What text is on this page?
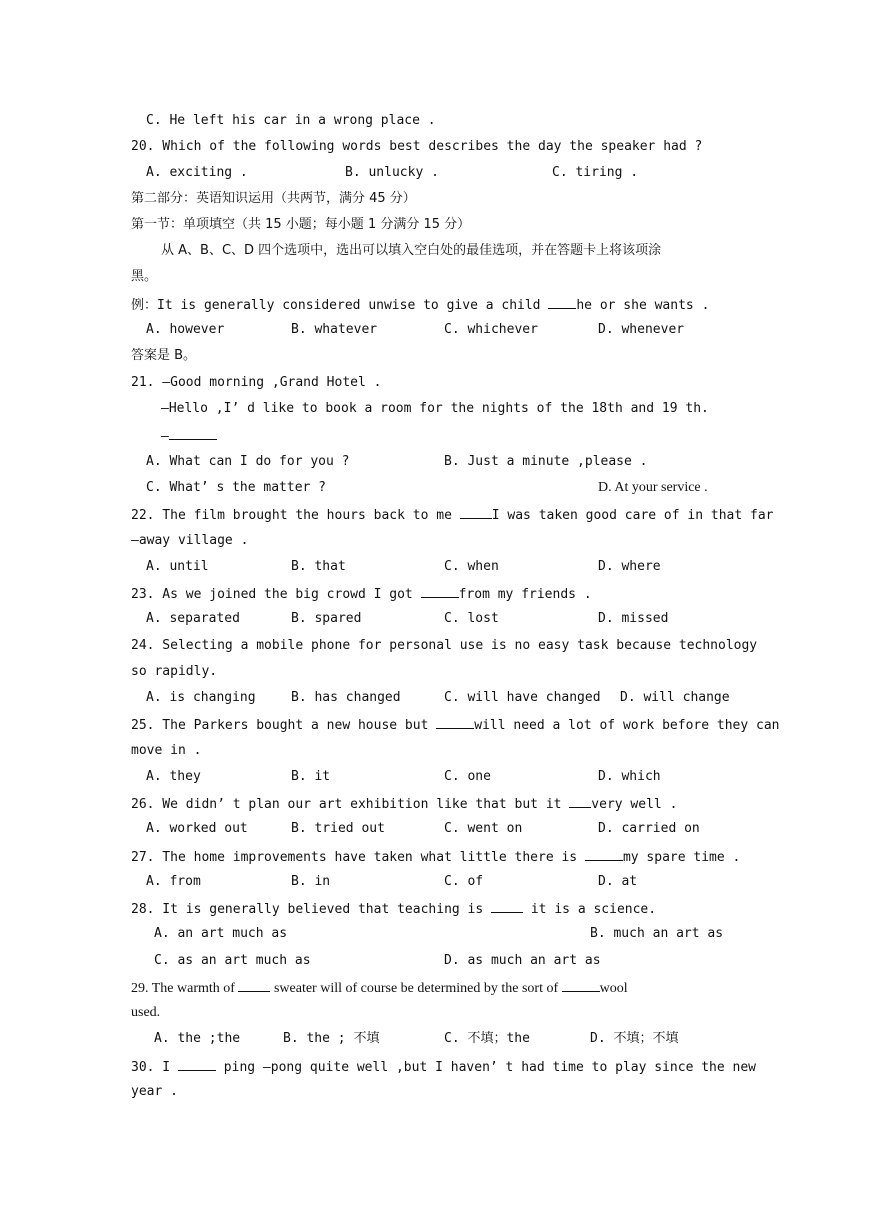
C. He left his car in a wrong place .
20. Which of the following words best describes the day the speaker had ?
A. exciting .	B. unlucky .	C. tiring .
第二部分：英语知识运用（共两节，满分 45 分）
第一节：单项填空（共 15 小题；每小题 1 分满分 15 分）
从 A、B、C、D 四个选项中，选出可以填入空白处的最佳选项，并在答题卡上将该项涂
黑。
例：It is generally considered unwise to give a child he or she wants .
A. however	B. whatever	C. whichever	D. whenever
答案是 B。
21. —Good morning ,Grand Hotel .
—Hello ,I’ d like to book a room for the nights of the 18th and 19 th.
—
A. What can I do for you ?	B. Just a minute ,please .
C. What’ s the matter ?	D. At your service .
22. The film brought the hours back to me I was taken good care of in that far
–away village .
A. until	B. that	C. when	D. where
23. As we joined the big crowd I got	from my friends .
A. separated	B. spared	C. lost	D. missed
24. Selecting a mobile phone for personal use is no easy task because technology
so rapidly.
A. is changing	B. has changed	C. will have changed D. will change
25. The Parkers bought a new house but	will need a lot of work before they can
move in .
A. they	B. it	C. one	D. which
26. We didn’ t plan our art exhibition like that but it very well .
A. worked out	B. tried out	C. went on	D. carried on
27. The home improvements have taken what little there is	my spare time .
A. from	B. in	C. of	D. at
28. It is generally believed that teaching is  it is a science.
A. an art much as	B. much an art as
C. as an art much as	D. as much an art as
29. The warmth of  sweater will of course be determined by the sort of	wool
used.
A. the ;the	B. the ; 不填	C. 不填；the	D. 不填；不填
30. I	ping —pong quite well ,but I haven’ t had time to play since the new
year .
